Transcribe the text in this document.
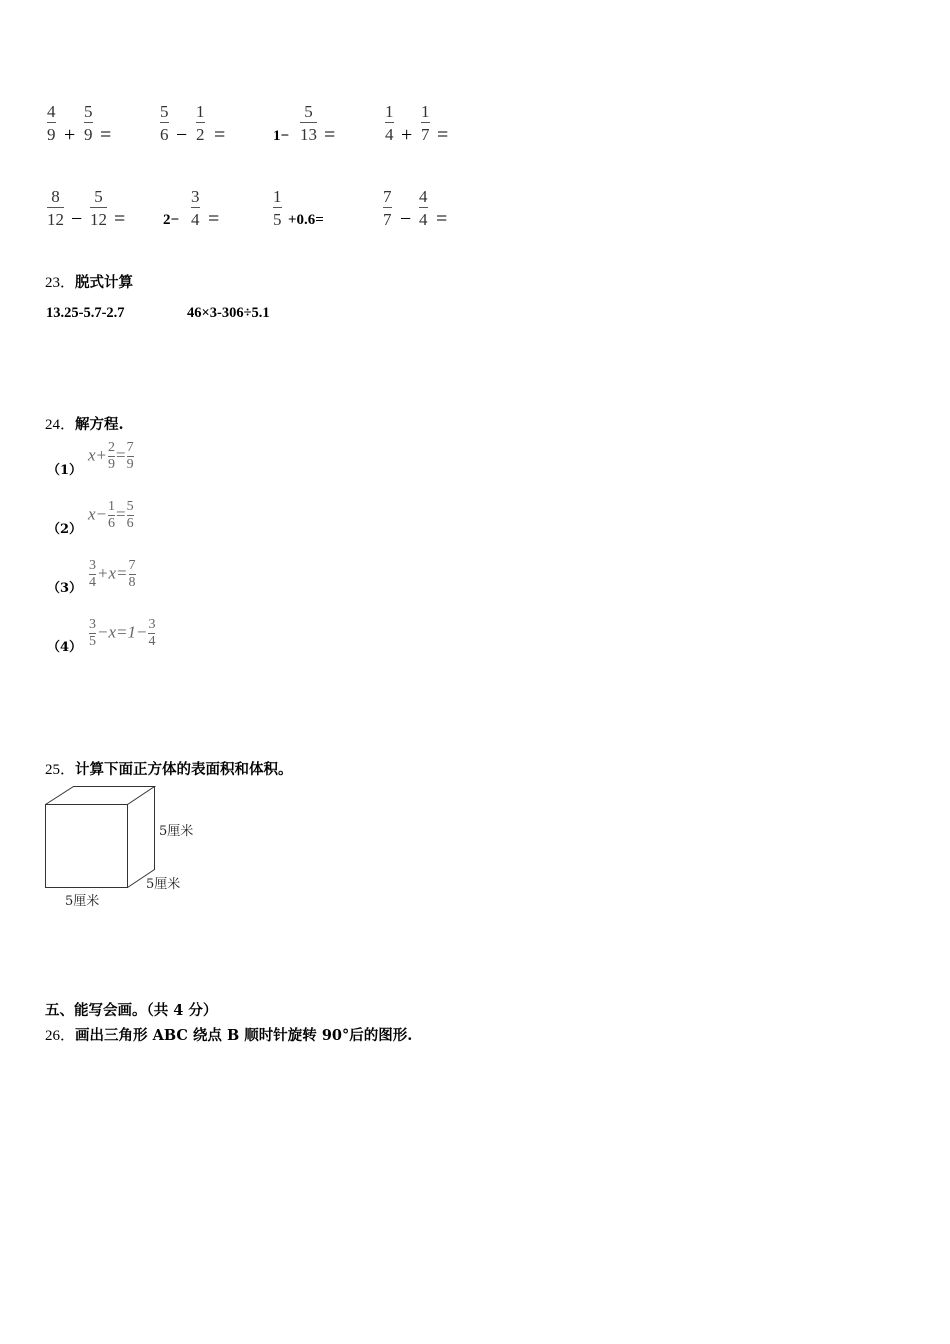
4
9 +
5
9 =
5
6 −
1
2 =	1−
5
13 =
1
4 +
1
7 =
8
12 −
5
12 =	2−
3
4 =
1
5 +0.6=
7
7 −
4
4 =
23．脱式计算
13.25-5.7-2.7	46×3-306÷5.1
24．解方程.
（1）
$x+ \frac{2}{9} = \frac{7}{9}$
（2）
$x- \frac{1}{6} = \frac{5}{6}$
$(3) \frac{3}{4} +x= \frac{7}{8}$
$(4) \frac{3}{5} -x=1- \frac{3}{4}$
25．计算下面正方体的表面积和体积。
5厘米
5厘米
5厘米
五、能写会画。（共 4 分）
26．画出三角形 ABC 绕点 B 顺时针旋转 90°后的图形.
